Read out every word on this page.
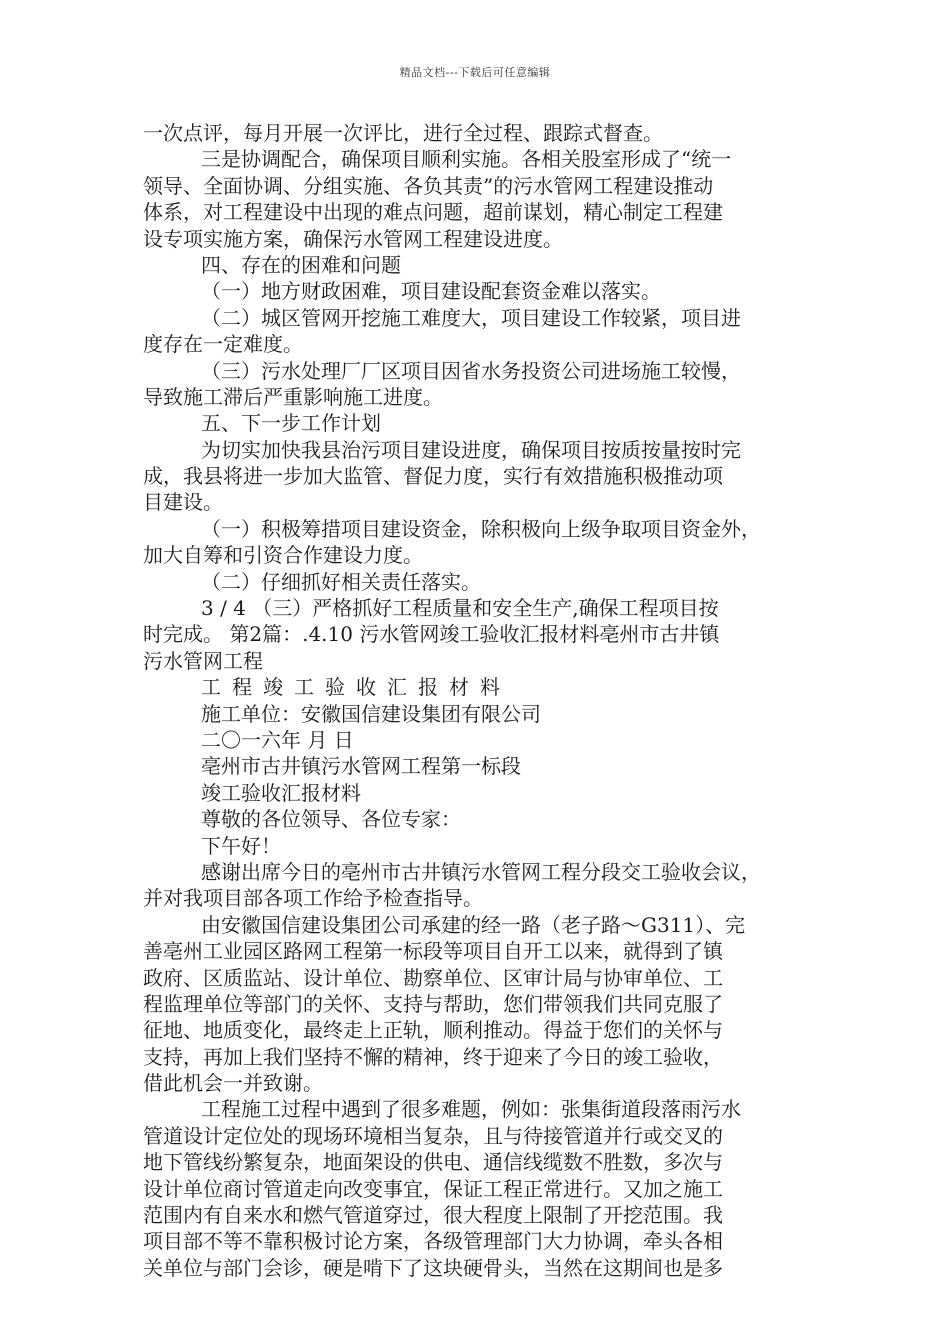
精品文档---下载后可任意编辑
一次点评，每月开展一次评比，进行全过程、跟踪式督查。
三是协调配合，确保项目顺利实施。各相关股室形成了“统一
领导、全面协调、分组实施、各负其责”的污水管网工程建设推动
体系，对工程建设中出现的难点问题，超前谋划，精心制定工程建
设专项实施方案，确保污水管网工程建设进度。
四、存在的困难和问题
（一）地方财政困难，项目建设配套资金难以落实。
（二）城区管网开挖施工难度大，项目建设工作较紧，项目进
度存在一定难度。
（三）污水处理厂厂区项目因省水务投资公司进场施工较慢，
导致施工滞后严重影响施工进度。
五、下一步工作计划
为切实加快我县治污项目建设进度，确保项目按质按量按时完
成，我县将进一步加大监管、督促力度，实行有效措施积极推动项
目建设。
（一）积极筹措项目建设资金，除积极向上级争取项目资金外，
加大自筹和引资合作建设力度。
（二）仔细抓好相关责任落实。
3 / 4 （三）严格抓好工程质量和安全生产,确保工程项目按
时完成。 第2篇：.4.10 污水管网竣工验收汇报材料亳州市古井镇
污水管网工程
工程竣工验收汇报材料
施工单位：安徽国信建设集团有限公司
二〇一六年 月 日
亳州市古井镇污水管网工程第一标段
竣工验收汇报材料
尊敬的各位领导、各位专家：
下午好！
感谢出席今日的亳州市古井镇污水管网工程分段交工验收会议，
并对我项目部各项工作给予检查指导。
由安徽国信建设集团公司承建的经一路（老子路～G311）、完
善亳州工业园区路网工程第一标段等项目自开工以来，就得到了镇
政府、区质监站、设计单位、勘察单位、区审计局与协审单位、工
程监理单位等部门的关怀、支持与帮助，您们带领我们共同克服了
征地、地质变化，最终走上正轨，顺利推动。得益于您们的关怀与
支持，再加上我们坚持不懈的精神，终于迎来了今日的竣工验收，
借此机会一并致谢。
工程施工过程中遇到了很多难题，例如：张集街道段落雨污水
管道设计定位处的现场环境相当复杂，且与待接管道并行或交叉的
地下管线纷繁复杂，地面架设的供电、通信线缆数不胜数，多次与
设计单位商讨管道走向改变事宜，保证工程正常进行。又加之施工
范围内有自来水和燃气管道穿过，很大程度上限制了开挖范围。我
项目部不等不靠积极讨论方案，各级管理部门大力协调，牵头各相
关单位与部门会诊，硬是啃下了这块硬骨头，当然在这期间也是多
